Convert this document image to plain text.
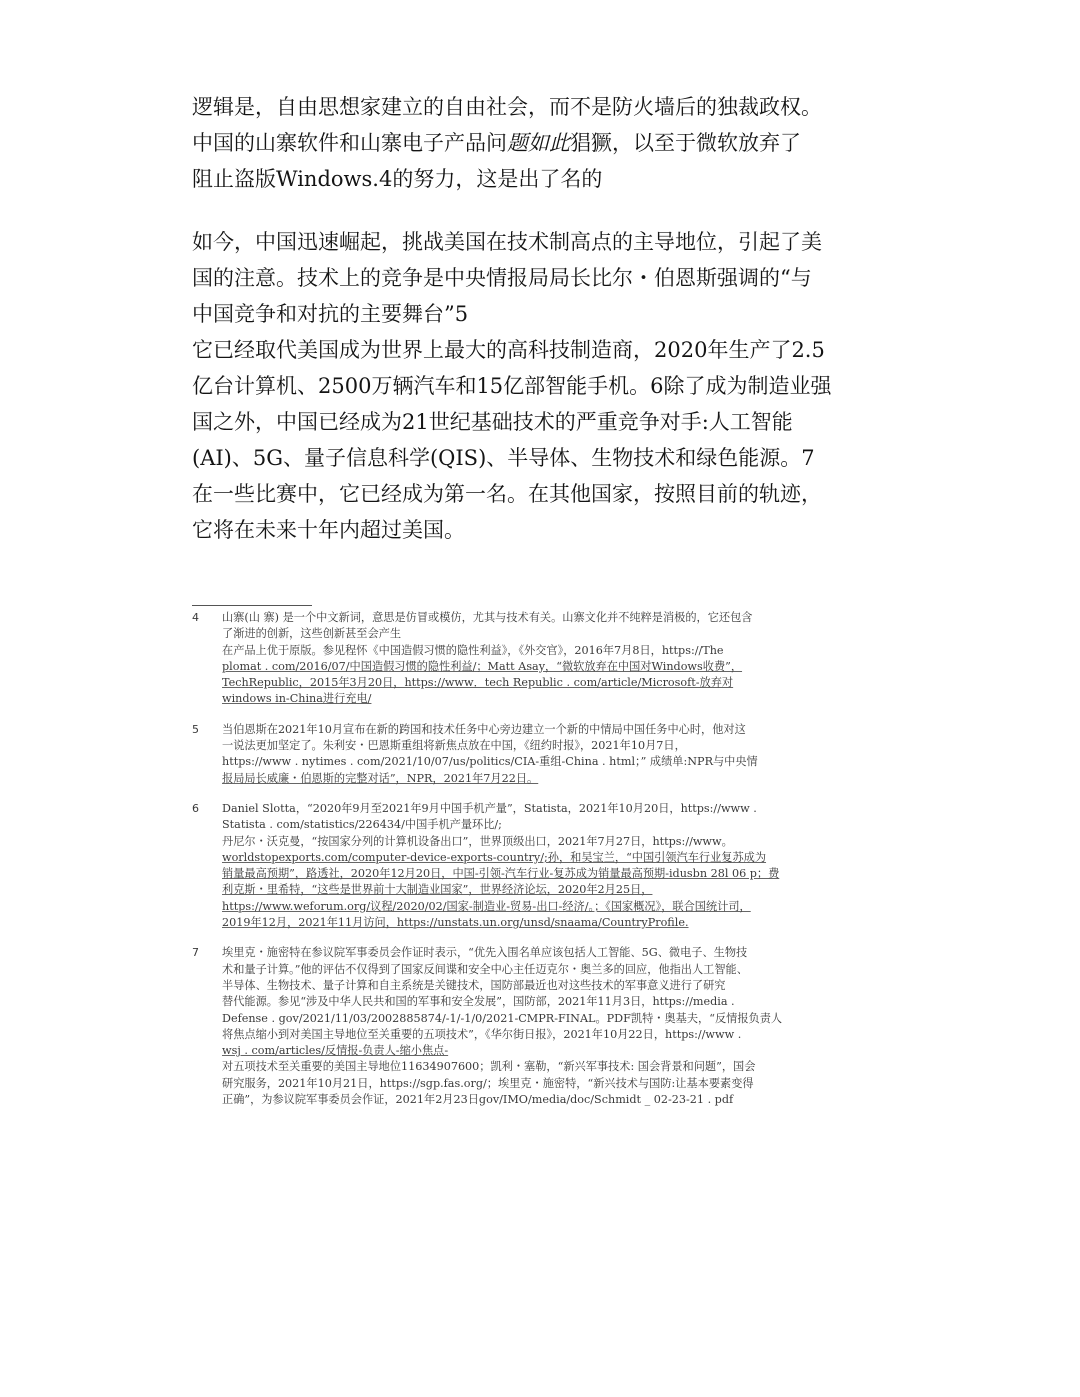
逻辑是，自由思想家建立的自由社会，而不是防火墙后的独裁政权。
中国的山寨软件和山寨电子产品问题如此猖獗，以至于微软放弃了
阻止盗版Windows.4的努力，这是出了名的
如今，中国迅速崛起，挑战美国在技术制高点的主导地位，引起了美
国的注意。技术上的竞争是中央情报局局长比尔・伯恩斯强调的“与
中国竞争和对抗的主要舞台”5
它已经取代美国成为世界上最大的高科技制造商，2020年生产了2.5
亿台计算机、2500万辆汽车和15亿部智能手机。6除了成为制造业强
国之外，中国已经成为21世纪基础技术的严重竞争对手:人工智能
(AI)、5G、量子信息科学(QIS)、半导体、生物技术和绿色能源。7
在一些比赛中，它已经成为第一名。在其他国家，按照目前的轨迹，
它将在未来十年内超过美国。
4 山寨(山 寨) 是一个中文新词，意思是仿冒或模仿，尤其与技术有关。山寨文化并不纯粹是消极的，它还包含
了渐进的创新，这些创新甚至会产生
在产品上优于原版。参见程怀《中国造假习惯的隐性利益》，《外交官》，2016年7月8日，https://The
plomat . com/2016/07/中国造假习惯的隐性利益/；Matt Asay，“微软放弃在中国对Windows收费”，
TechRepublic，2015年3月20日，https://www．tech Republic . com/article/Microsoft-放弃对
windows in-China进行充电/
5 当伯恩斯在2021年10月宣布在新的跨国和技术任务中心旁边建立一个新的中情局中国任务中心时，他对这
一说法更加坚定了。朱利安・巴恩斯重组将新焦点放在中国，《纽约时报》，2021年10月7日，
https://www . nytimes . com/2021/10/07/us/politics/CIA-重组-China . html；” 成绩单:NPR与中央情
报局局长威廉・伯恩斯的完整对话”，NPR，2021年7月22日。
6 Daniel Slotta，“2020年9月至2021年9月中国手机产量”，Statista，2021年10月20日，https://www .
Statista . com/statistics/226434/中国手机产量环比/;
丹尼尔・沃克曼，“按国家分列的计算机设备出口”，世界顶级出口，2021年7月27日，https://www。
worldstopexports.com/computer-device-exports-country/;孙，和吴宝兰，“中国引领汽车行业复苏成为
销量最高预期”，路透社，2020年12月20日，中国-引领-汽车行业-复苏成为销量最高预期-idusbn 28l 06 p；费
利克斯・里希特，“这些是世界前十大制造业国家”，世界经济论坛，2020年2月25日，
https://www.weforum.org/议程/2020/02/国家-制造业-贸易-出口-经济/。；《国家概况》，联合国统计司，
2019年12月，2021年11月访问，https://unstats.un.org/unsd/snaama/CountryProfile.
7 埃里克・施密特在参议院军事委员会作证时表示，“优先入围名单应该包括人工智能、5G、微电子、生物技
术和量子计算。”他的评估不仅得到了国家反间谍和安全中心主任迈克尔・奥兰多的回应，他指出人工智能、
半导体、生物技术、量子计算和自主系统是关键技术，国防部最近也对这些技术的军事意义进行了研究
替代能源。参见“涉及中华人民共和国的军事和安全发展”，国防部，2021年11月3日，https://media .
Defense . gov/2021/11/03/2002885874/-1/-1/0/2021-CMPR-FINAL。PDF凯特・奥基夫，“反情报负责人
将焦点缩小到对美国主导地位至关重要的五项技术”，《华尔街日报》，2021年10月22日，https://www .
wsj . com/articles/反情报-负责人-缩小焦点-
对五项技术至关重要的美国主导地位11634907600；凯利・塞勒，“新兴军事技术: 国会背景和问题”，国会
研究服务，2021年10月21日，https://sgp.fas.org/；埃里克・施密特，“新兴技术与国防:让基本要素变得
正确”，为参议院军事委员会作证，2021年2月23日gov/IMO/media/doc/Schmidt _ 02-23-21 . pdf
